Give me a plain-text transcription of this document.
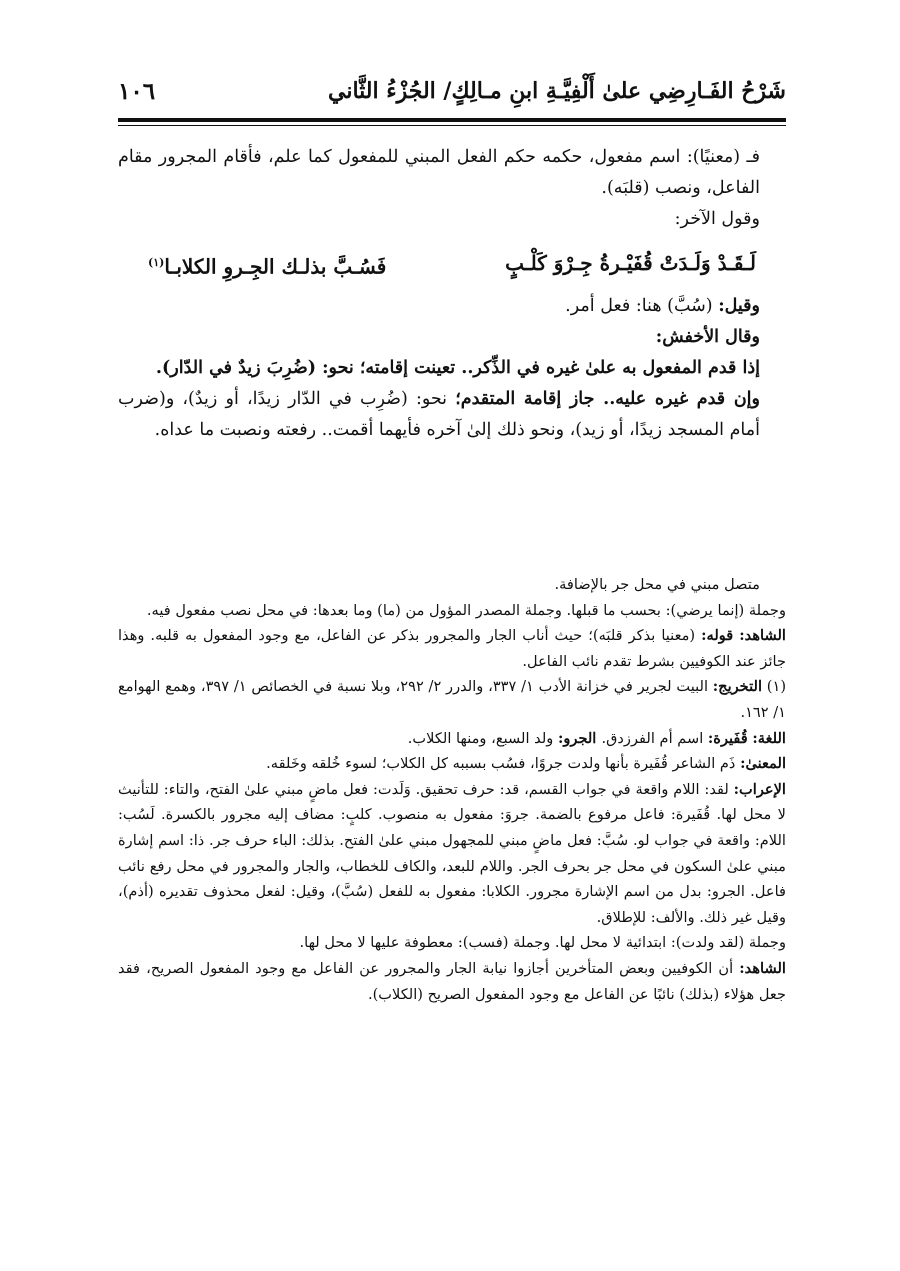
شَرْحُ الفَـارِضِي علىٰ أَلْفِيَّـةِ ابنِ مـالِكٍ/ الجُزْءُ الثَّاني
١٠٦

فـ (معنيًا): اسم مفعول، حكمه حكم الفعل المبني للمفعول كما علم، فأقام المجرور مقام الفاعل، ونصب (قلبَه).

وقول الآخر:

لَـقَـدْ وَلَـدَتْ قُفَيْـرةُ جِـرْوَ كَلْـبٍ
فَسُـبَّ بذلـك الجِـروِ الكلابـا$^{(١)}$

وقيل: (سُبَّ) هنا: فعل أمر.

وقال الأخفش:

إذا قدم المفعول به علىٰ غيره في الذِّكر.. تعينت إقامته؛ نحو: (ضُرِبَ زيدٌ في الدّار).

وإن قدم غيره عليه.. جاز إقامة المتقدم؛ نحو: (ضُرِب في الدّار زيدًا، أو زيدٌ)، و(ضرب أمام المسجد زيدًا، أو زيد)، ونحو ذلك إلىٰ آخره فأيهما أقمت.. رفعته ونصبت ما عداه.

متصل مبني في محل جر بالإضافة.

وجملة (إنما يرضي): بحسب ما قبلها. وجملة المصدر المؤول من (ما) وما بعدها: في محل نصب مفعول فيه.

الشاهد: قوله: (معنيا بذكر قلبَه)؛ حيث أناب الجار والمجرور بذكر عن الفاعل، مع وجود المفعول به قلبه. وهذا جائز عند الكوفيين بشرط تقدم نائب الفاعل.

(١) التخريج: البيت لجرير في خزانة الأدب ١/ ٣٣٧، والدرر ٢/ ٢٩٢، وبلا نسبة في الخصائص ١/ ٣٩٧، وهمع الهوامع ١/ ١٦٢.

اللغة: قُفَيرة: اسم أم الفرزدق. الجرو: ولد السبع، ومنها الكلاب.

المعنىٰ: ذَم الشاعر قُفَيرة بأنها ولدت جروًا، فسُب بسببه كل الكلاب؛ لسوء خُلقه وخَلقه.

الإعراب: لقد: اللام واقعة في جواب القسم، قد: حرف تحقيق. وَلَدت: فعل ماضٍ مبني علىٰ الفتح، والتاء: للتأنيث لا محل لها. قُفَيرة: فاعل مرفوع بالضمة. جروَ: مفعول به منصوب. كلبٍ: مضاف إليه مجرور بالكسرة. لَسُب: اللام: واقعة في جواب لو. سُبَّ: فعل ماضٍ مبني للمجهول مبني علىٰ الفتح. بذلك: الباء حرف جر. ذا: اسم إشارة مبني علىٰ السكون في محل جر بحرف الجر. واللام للبعد، والكاف للخطاب، والجار والمجرور في محل رفع نائب فاعل. الجرو: بدل من اسم الإشارة مجرور. الكلابا: مفعول به للفعل (سُبَّ)، وقيل: لفعل محذوف تقديره (أذم)، وقيل غير ذلك. والألف: للإطلاق.

وجملة (لقد ولدت): ابتدائية لا محل لها. وجملة (فسب): معطوفة عليها لا محل لها.

الشاهد: أن الكوفيين وبعض المتأخرين أجازوا نيابة الجار والمجرور عن الفاعل مع وجود المفعول الصريح، فقد جعل هؤلاء (بذلك) نائبًا عن الفاعل مع وجود المفعول الصريح (الكلاب).
